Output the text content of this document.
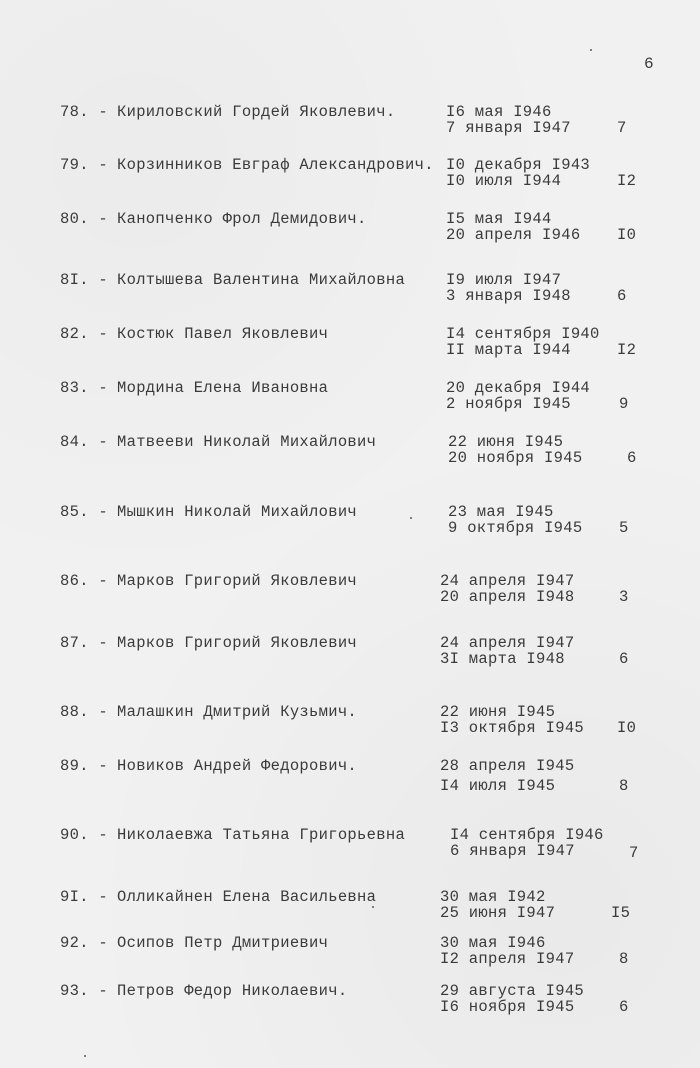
6
78. - Кириловский Гордей Яковлевич.	I6 мая I946
7 января I947	7
79. - Корзинников Евграф Александрович. I0 декабря I943
I0 июля I944	I2
80. - Канопченко Фрол Демидович.	I5 мая I944
20 апреля I946 I0
8I. - Колтышева Валентина Михайловна	I9 июля I947
3 января I948	6
82. - Костюк Павел Яковлевич	I4 сентября I940
II марта I944	I2
83. - Мордина Елена Ивановна	20 декабря I944
2 ноября I945	9
84. - Матвееви Николай Михайлович	22 июня I945
20 ноября I945	6
85. - Мышкин Николай Михайлович	23 мая I945
9 октября I945 5
86. - Марков Григорий Яковлевич	24 апреля I947
20 апреля I948	3
87. - Марков Григорий Яковлевич	24 апреля I947
3I марта I948	6
88. - Малашкин Дмитрий Кузьмич.	22 июня I945
I3 октября I945 I0
89. - Новиков Андрей Федорович.	28 апреля I945
I4 июля I945	8
90. - Николаевжа Татьяна Григорьевна	I4 сентября I946
6 января I947	7
9I. - Олликайнен Елена Васильевна	30 мая I942
25 июня I947	I5
92. - Осипов Петр Дмитриевич	30 мая I946
I2 апреля I947	8
93. - Петров Федор Николаевич.	29 августа I945
I6 ноября I945	6
